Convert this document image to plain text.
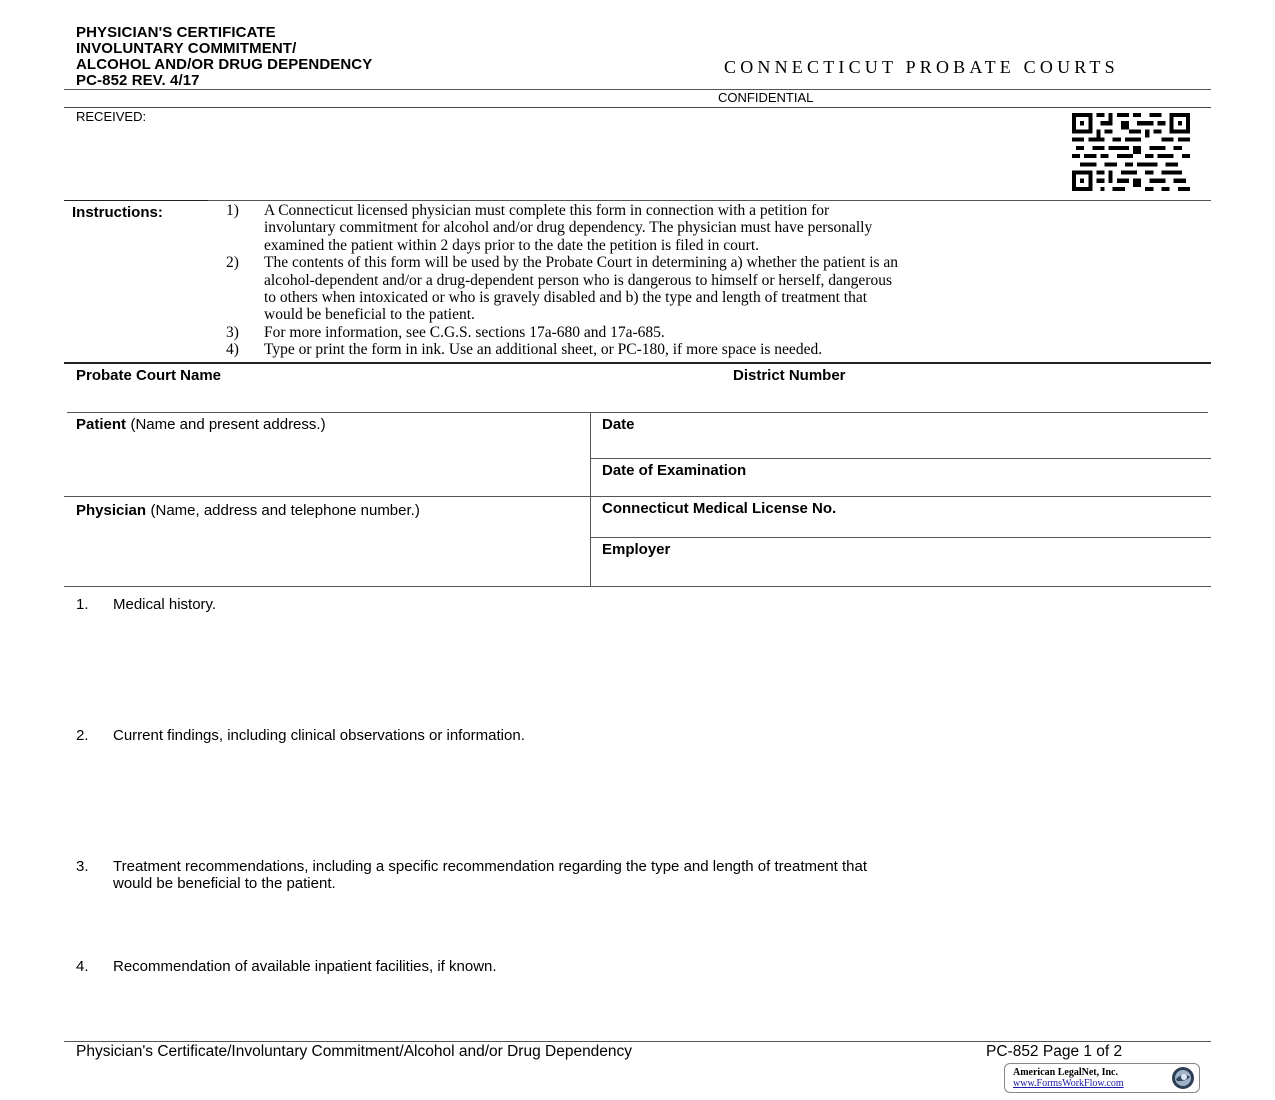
PHYSICIAN'S CERTIFICATE
INVOLUNTARY COMMITMENT/
ALCOHOL AND/OR DRUG DEPENDENCY
PC-852 REV. 4/17
CONNECTICUT PROBATE COURTS
CONFIDENTIAL
RECEIVED:
Instructions:	1)	A Connecticut licensed physician must complete this form in connection with a petition for
involuntary commitment for alcohol and/or drug dependency. The physician must have personally
examined the patient within 2 days prior to the date the petition is filed in court.
2)	The contents of this form will be used by the Probate Court in determining a) whether the patient is an
alcohol-dependent and/or a drug-dependent person who is dangerous to himself or herself, dangerous
to others when intoxicated or who is gravely disabled and b) the type and length of treatment that
would be beneficial to the patient.
3)	For more information, see C.G.S. sections 17a-680 and 17a-685.
4)	Type or print the form in ink. Use an additional sheet, or PC-180, if more space is needed.
Probate Court Name	District Number
Patient (Name and present address.)	Date
Date of Examination
Physician (Name, address and telephone number.)	Connecticut Medical License No.
Employer
1. Medical history.
2. Current findings, including clinical observations or information.
3. Treatment recommendations, including a specific recommendation regarding the type and length of treatment that
would be beneficial to the patient.
4. Recommendation of available inpatient facilities, if known.
Physician's Certificate/Involuntary Commitment/Alcohol and/or Drug Dependency	PC-852 Page 1 of 2
American LegalNet, Inc.
www.FormsWorkFlow.com
